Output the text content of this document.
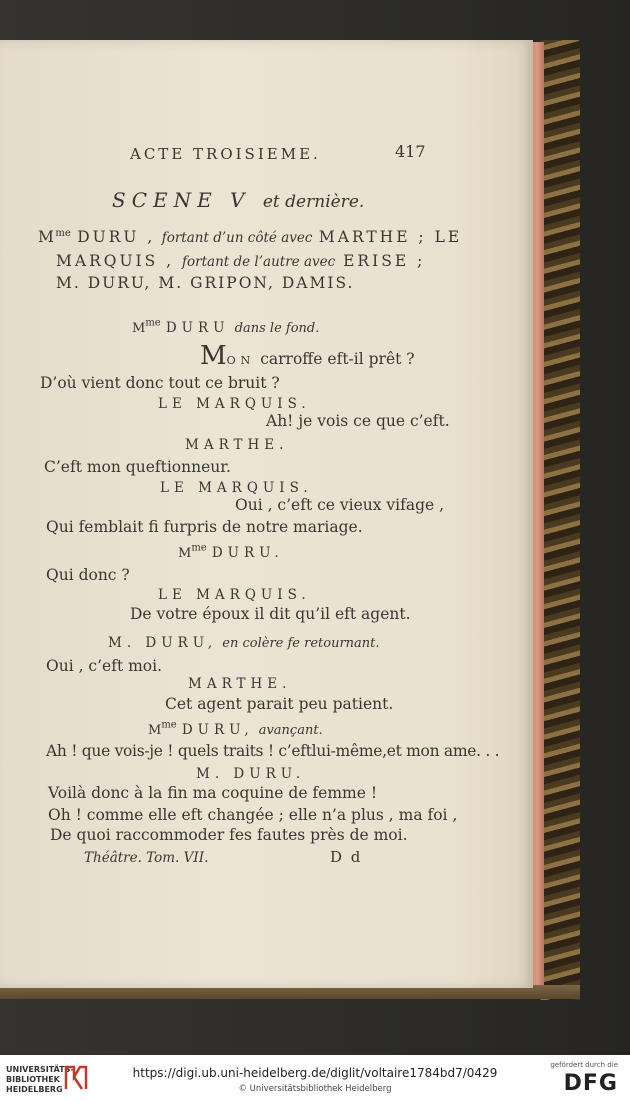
ACTE TROISIEME.	417
SCENE V et dernière.
$M^{me}$ DURU , fortant d’un côté avec MARTHE ; LE
MARQUIS , fortant de l’autre avec ERISE ;
M. DURU, M. GRIPON, DAMIS.
$M^{me}$ DURU dans le fond.
MON carroffe eft-il prêt ?
D’où vient donc tout ce bruit ?
LE MARQUIS.
Ah! je vois ce que c’eft.
MARTHE.
C’eft mon queftionneur.
LE MARQUIS.
Oui , c’eft ce vieux vifage ,
Qui femblait fi furpris de notre mariage.
$M^{me}$ DURU.
Qui donc ?
LE MARQUIS.
De votre époux il dit qu’il eft agent.
M. DURU, en colère fe retournant.
Oui , c’eft moi.
MARTHE.
Cet agent parait peu patient.
$M^{me}$ DURU, avançant.
Ah ! que vois-je ! quels traits ! c’eftlui-même,et mon ame. . .
M. DURU.
Voilà donc à la fin ma coquine de femme !
Oh ! comme elle eft changée ; elle n’a plus , ma foi ,
De quoi raccommoder fes fautes près de moi.
Théâtre. Tom. VII.	D d
UNIVERSITÄTS-
BIBLIOTHEK
HEIDELBERG
https://digi.ub.uni-heidelberg.de/diglit/voltaire1784bd7/0429
© Universitätsbibliothek Heidelberg
gefördert durch die
DFG
